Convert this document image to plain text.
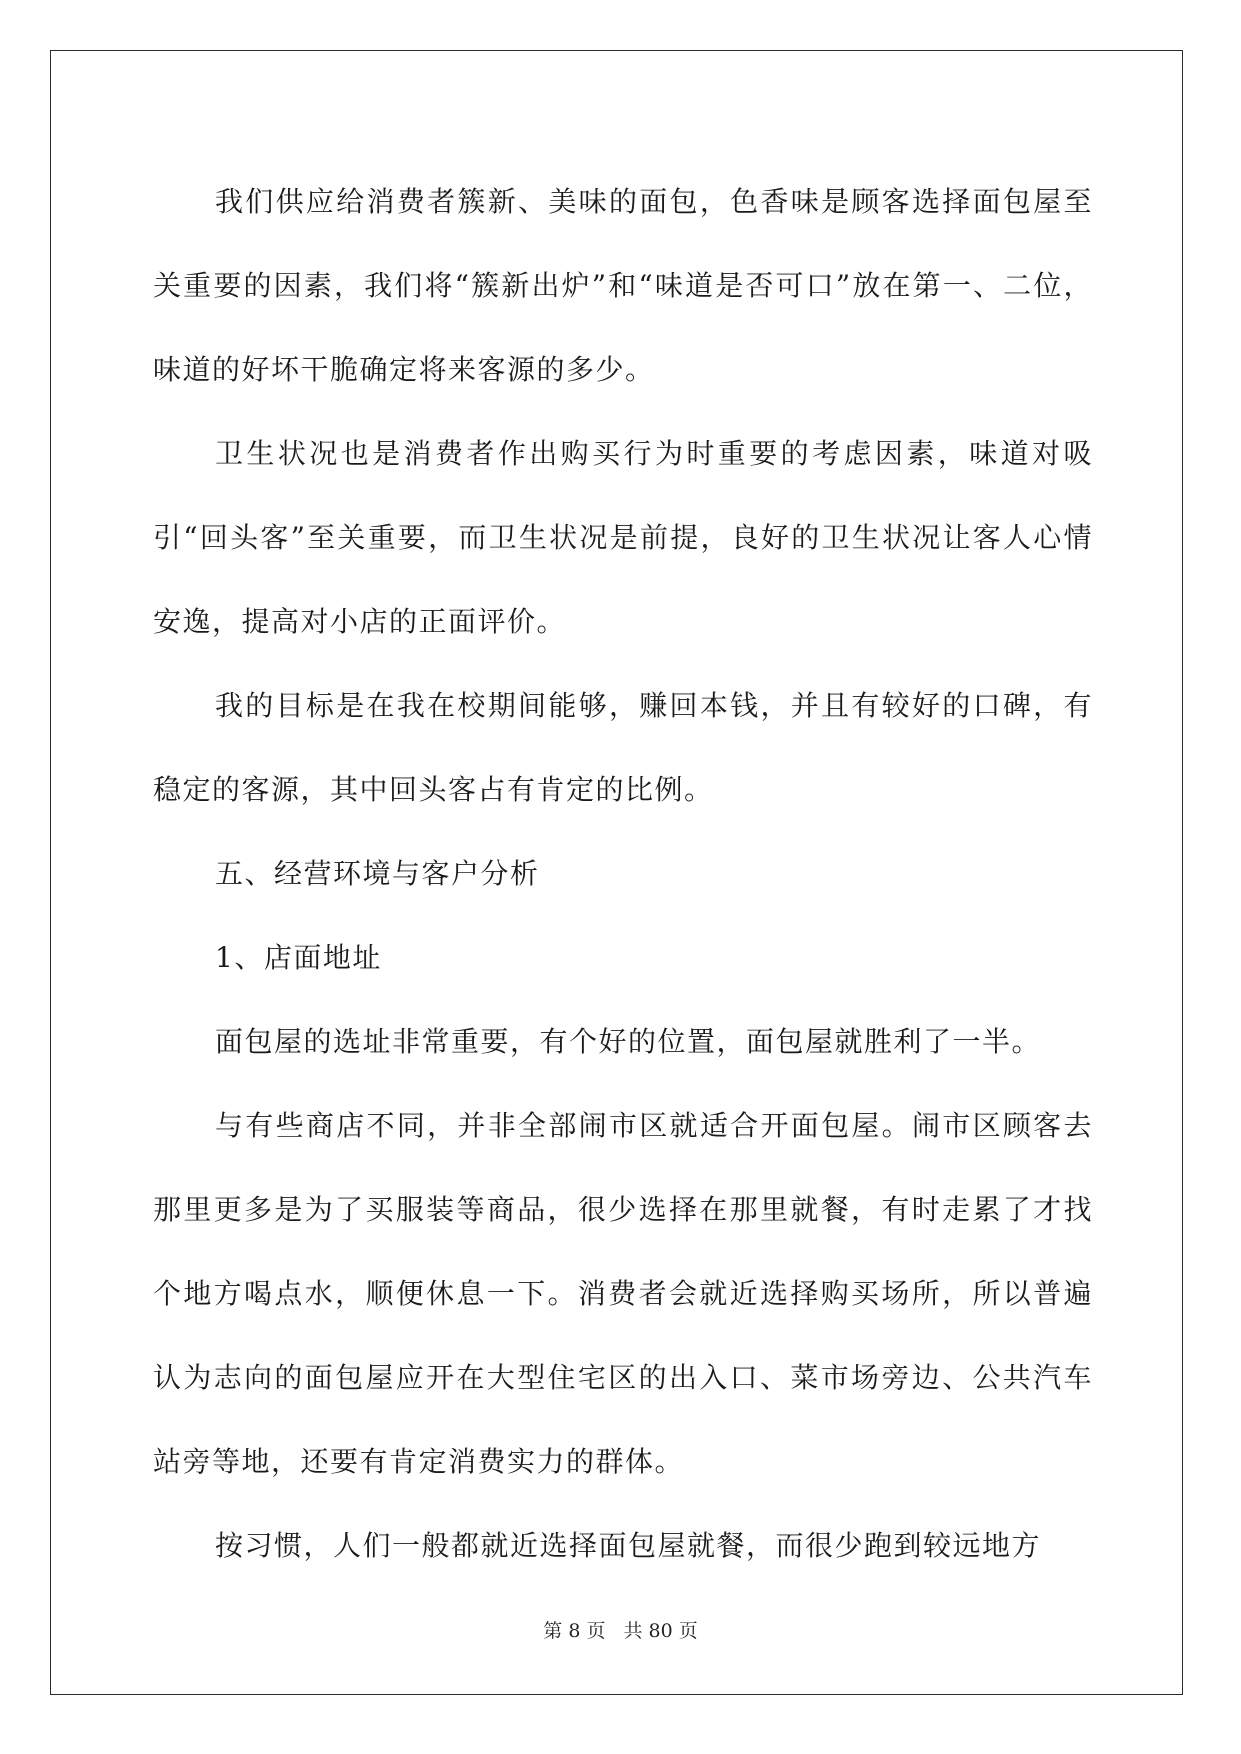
我们供应给消费者簇新、美味的面包，色香味是顾客选择面包屋至关重要的因素，我们将“簇新出炉”和“味道是否可口”放在第一、二位，味道的好坏干脆确定将来客源的多少。

卫生状况也是消费者作出购买行为时重要的考虑因素，味道对吸引“回头客”至关重要，而卫生状况是前提，良好的卫生状况让客人心情安逸，提高对小店的正面评价。

我的目标是在我在校期间能够，赚回本钱，并且有较好的口碑，有稳定的客源，其中回头客占有肯定的比例。

五、经营环境与客户分析

1、店面地址

面包屋的选址非常重要，有个好的位置，面包屋就胜利了一半。

与有些商店不同，并非全部闹市区就适合开面包屋。闹市区顾客去那里更多是为了买服装等商品，很少选择在那里就餐，有时走累了才找个地方喝点水，顺便休息一下。消费者会就近选择购买场所，所以普遍认为志向的面包屋应开在大型住宅区的出入口、菜市场旁边、公共汽车站旁等地，还要有肯定消费实力的群体。

按习惯，人们一般都就近选择面包屋就餐，而很少跑到较远地方

第 8 页 共 80 页
